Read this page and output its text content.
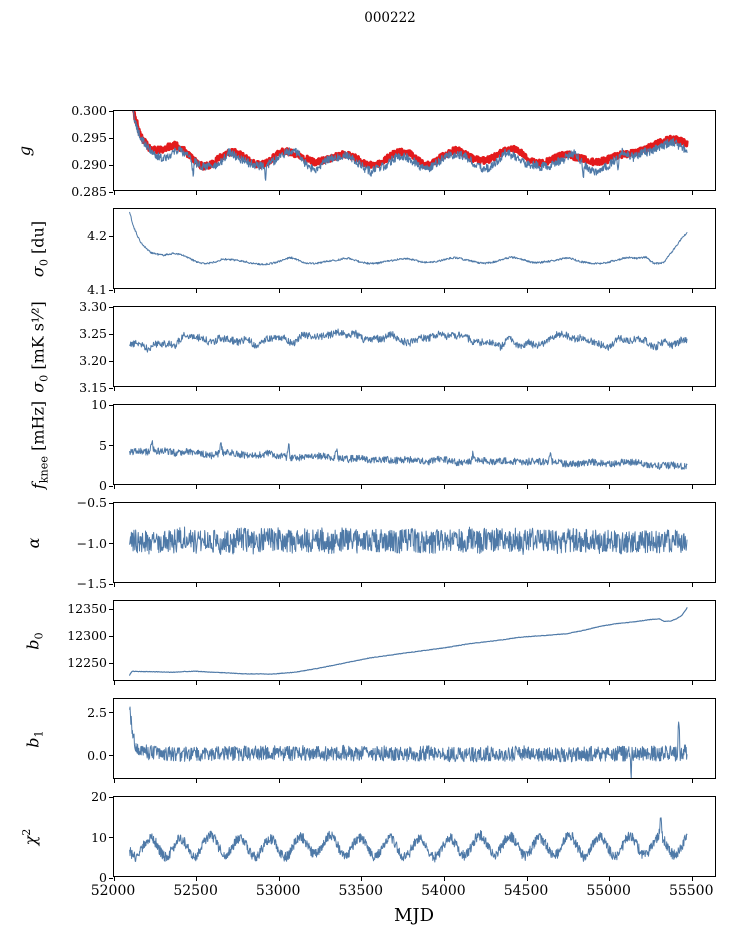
000222
0.300
0.295
0.290
0.285
g
4.2
4.1
$\sigma_0$ [du]
3.30
3.25
3.20
3.15
$\sigma_0$ [mK s¹⁄²]
10
5
0
$f_{knee}$ [mHz]
−0.5
−1.0
−1.5
α
12350
12300
12250
$b_0$
2.5
0.0
$b_1$
20
10
0
$\chi^2$
52000	52500	53000	53500	54000	54500	55000	55500
MJD
